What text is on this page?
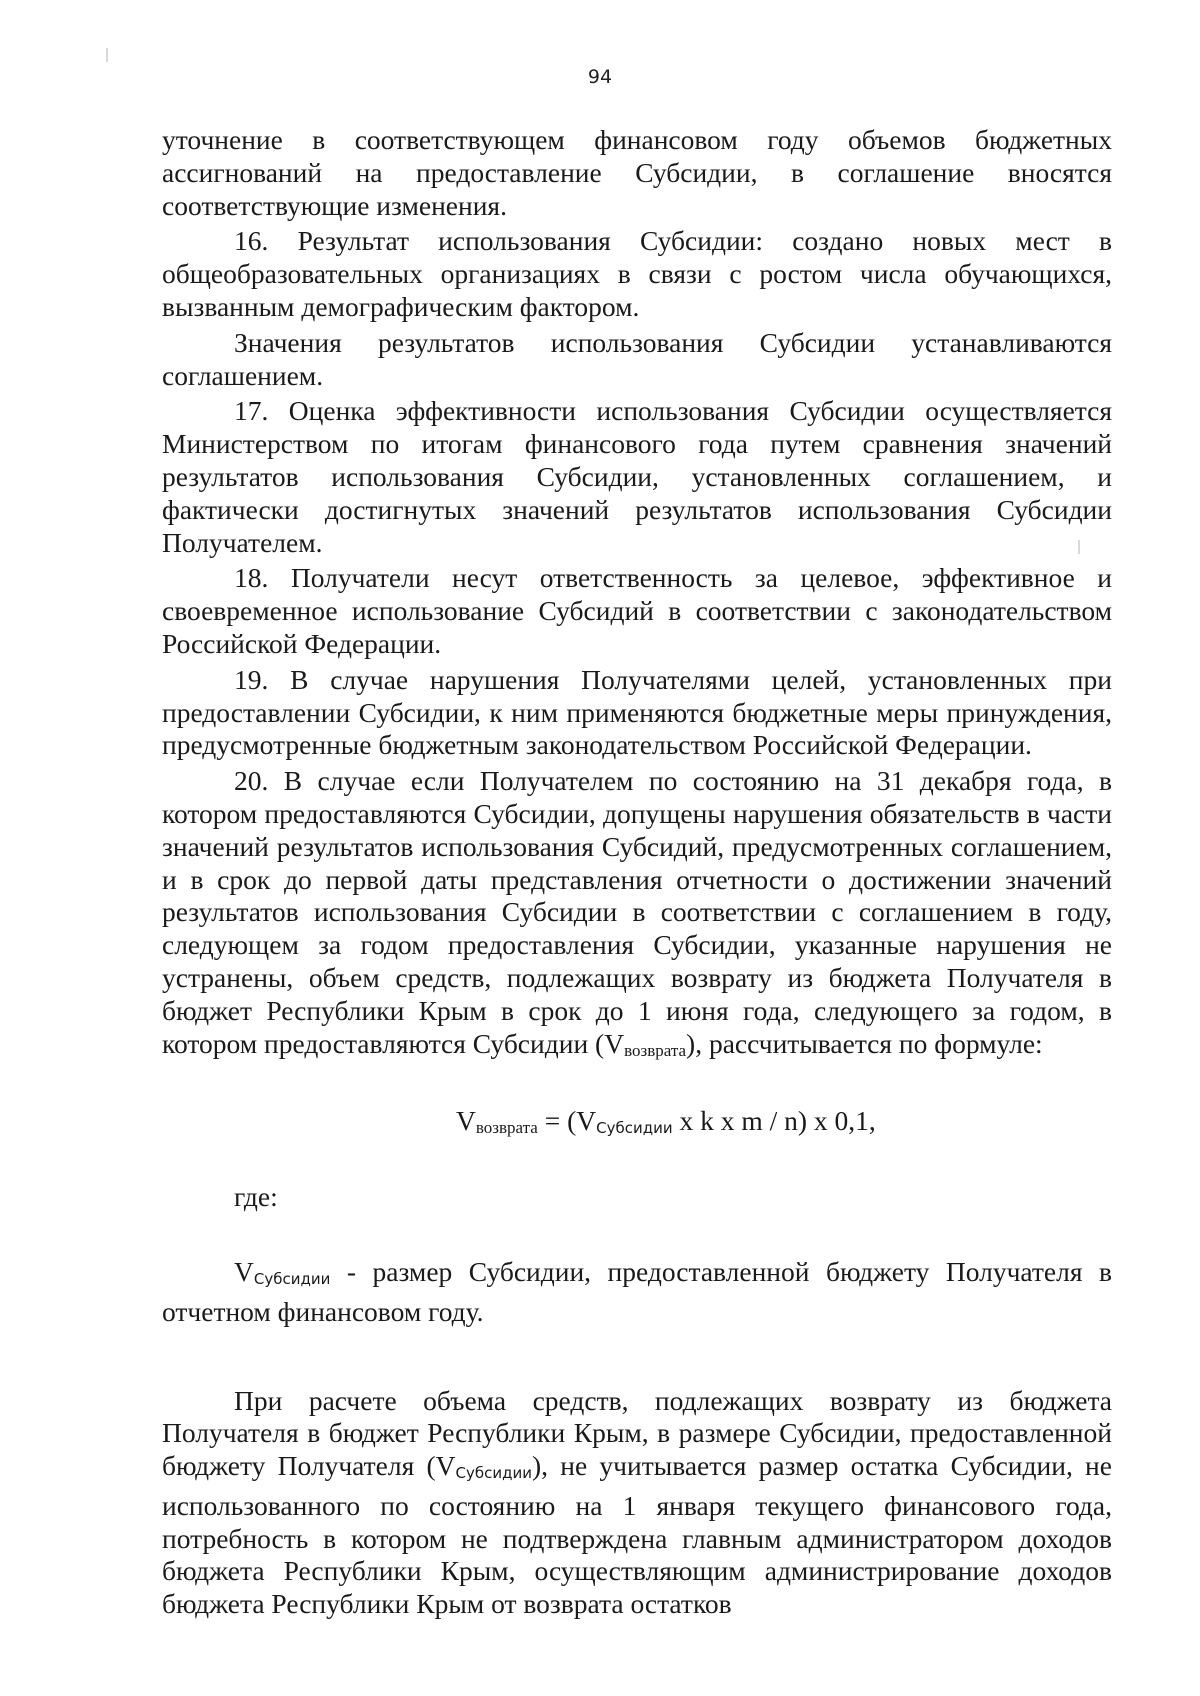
94

уточнение в соответствующем финансовом году объемов бюджетных ассигнований на предоставление Субсидии, в соглашение вносятся соответствующие изменения.

16. Результат использования Субсидии: создано новых мест в общеобразовательных организациях в связи с ростом числа обучающихся, вызванным демографическим фактором.

Значения результатов использования Субсидии устанавливаются соглашением.

17. Оценка эффективности использования Субсидии осуществляется Министерством по итогам финансового года путем сравнения значений результатов использования Субсидии, установленных соглашением, и фактически достигнутых значений результатов использования Субсидии Получателем.

18. Получатели несут ответственность за целевое, эффективное и своевременное использование Субсидий в соответствии с законодательством Российской Федерации.

19. В случае нарушения Получателями целей, установленных при предоставлении Субсидии, к ним применяются бюджетные меры принуждения, предусмотренные бюджетным законодательством Российской Федерации.

20. В случае если Получателем по состоянию на 31 декабря года, в котором предоставляются Субсидии, допущены нарушения обязательств в части значений результатов использования Субсидий, предусмотренных соглашением, и в срок до первой даты представления отчетности о достижении значений результатов использования Субсидии в соответствии с соглашением в году, следующем за годом предоставления Субсидии, указанные нарушения не устранены, объем средств, подлежащих возврату из бюджета Получателя в бюджет Республики Крым в срок до 1 июня года, следующего за годом, в котором предоставляются Субсидии (Vвозврата), рассчитывается по формуле:

Vвозврата = (VСубсидии x k x m / n) x 0,1,

где:

VСубсидии - размер Субсидии, предоставленной бюджету Получателя в отчетном финансовом году.

При расчете объема средств, подлежащих возврату из бюджета Получателя в бюджет Республики Крым, в размере Субсидии, предоставленной бюджету Получателя (VСубсидии), не учитывается размер остатка Субсидии, не использованного по состоянию на 1 января текущего финансового года, потребность в котором не подтверждена главным администратором доходов бюджета Республики Крым, осуществляющим администрирование доходов бюджета Республики Крым от возврата остатков
